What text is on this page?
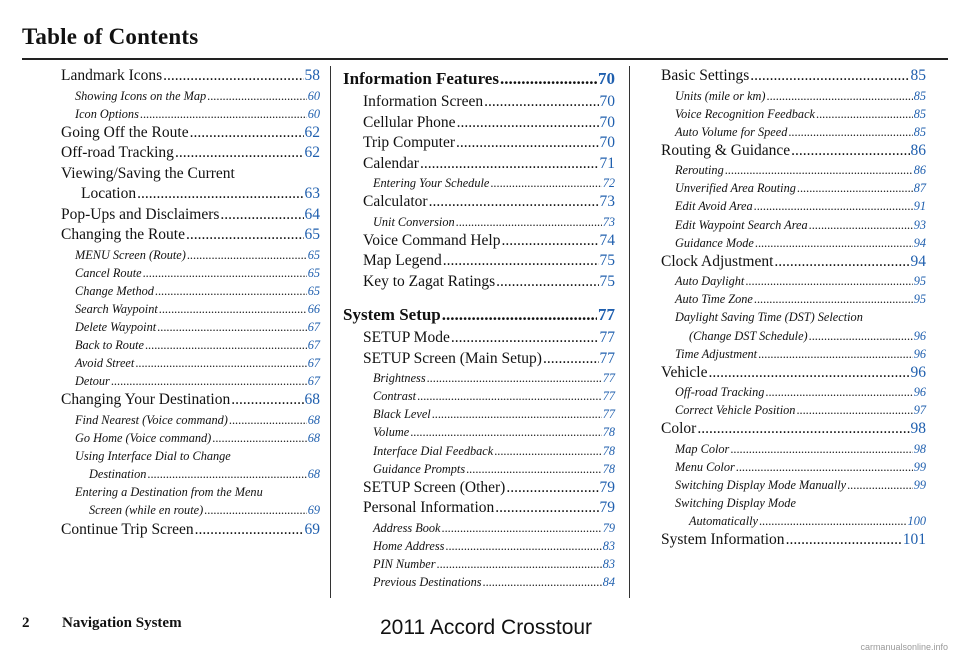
Table of Contents
Landmark Icons .....	58
Showing Icons on the Map .....	60
Icon Options .....	60
Going Off the Route .....	62
Off-road Tracking .....	62
Viewing/Saving the Current
Location .....	63
Pop-Ups and Disclaimers .....	64
Changing the Route .....	65
MENU Screen (Route) .....	65
Cancel Route .....	65
Change Method .....	65
Search Waypoint .....	66
Delete Waypoint .....	67
Back to Route .....	67
Avoid Street .....	67
Detour .....	67
Changing Your Destination .....	68
Find Nearest (Voice command) .....	68
Go Home (Voice command) .....	68
Using Interface Dial to Change
Destination .....	68
Entering a Destination from the Menu
Screen (while en route) .....	69
Continue Trip Screen .....	69
Information Features .....	70
Information Screen .....	70
Cellular Phone .....	70
Trip Computer .....	70
Calendar .....	71
Entering Your Schedule .....	72
Calculator .....	73
Unit Conversion .....	73
Voice Command Help .....	74
Map Legend .....	75
Key to Zagat Ratings .....	75
System Setup .....	77
SETUP Mode .....	77
SETUP Screen (Main Setup) .....	77
Brightness .....	77
Contrast .....	77
Black Level .....	77
Volume .....	78
Interface Dial Feedback .....	78
Guidance Prompts .....	78
SETUP Screen (Other) .....	79
Personal Information .....	79
Address Book .....	79
Home Address .....	83
PIN Number .....	83
Previous Destinations .....	84
Basic Settings .....	85
Units (mile or km) .....	85
Voice Recognition Feedback .....	85
Auto Volume for Speed .....	85
Routing & Guidance .....	86
Rerouting .....	86
Unverified Area Routing .....	87
Edit Avoid Area .....	91
Edit Waypoint Search Area .....	93
Guidance Mode .....	94
Clock Adjustment .....	94
Auto Daylight .....	95
Auto Time Zone .....	95
Daylight Saving Time (DST) Selection
(Change DST Schedule) .....	96
Time Adjustment .....	96
Vehicle .....	96
Off-road Tracking .....	96
Correct Vehicle Position .....	97
Color .....	98
Map Color .....	98
Menu Color .....	99
Switching Display Mode Manually .....	99
Switching Display Mode
Automatically .....	100
System Information .....	101
2 Navigation System	2011 Accord Crosstour
carmanualsonline.info
